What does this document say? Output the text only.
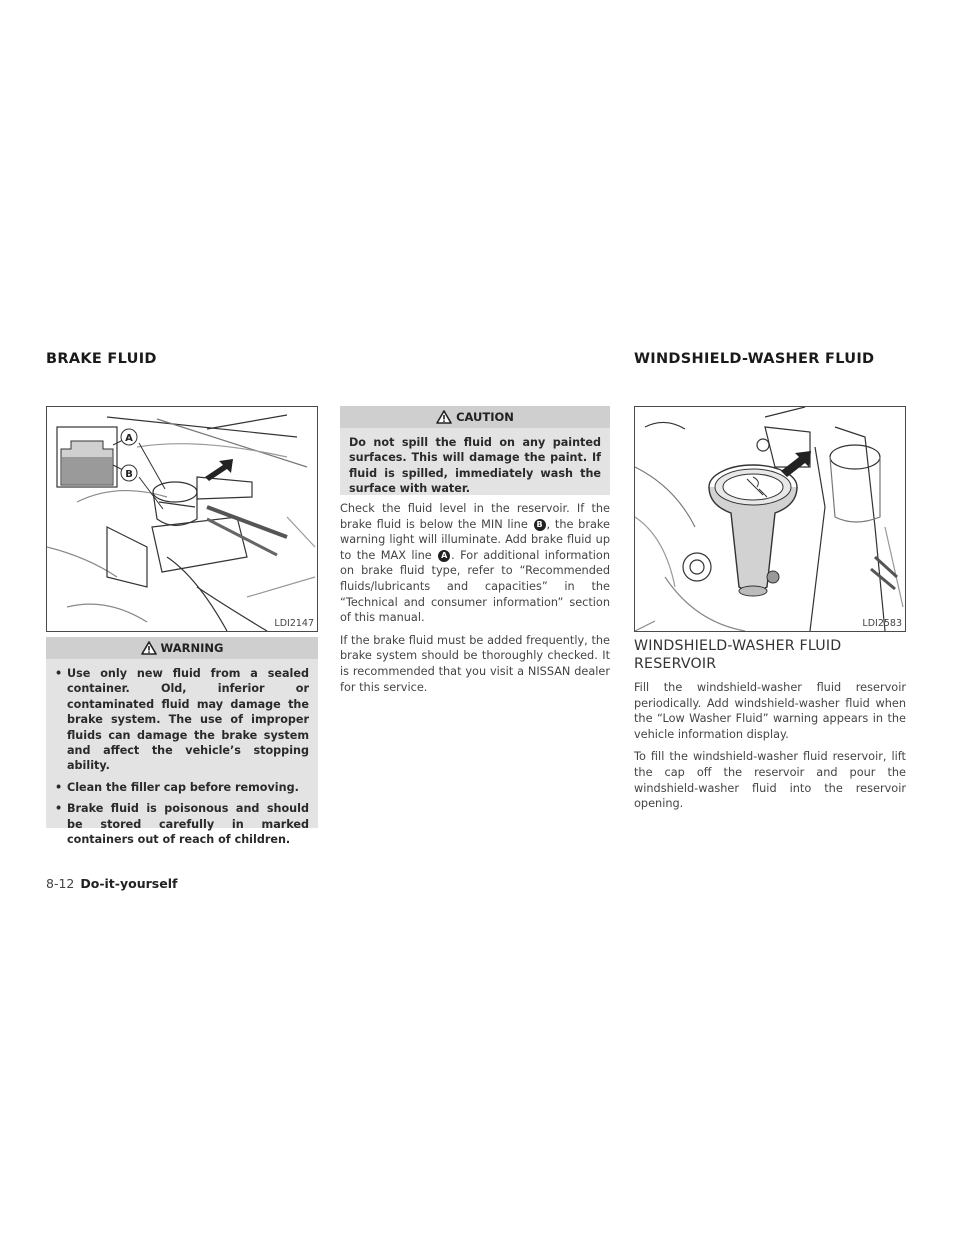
BRAKE FLUID	WINDSHIELD-WASHER FLUID
A
B
LDI2147
WARNING
• Use only new fluid from a sealed container. Old, inferior or contaminated fluid may damage the brake system. The use of improper fluids can damage the brake system and affect the vehicle’s stopping ability.
• Clean the filler cap before removing.
• Brake fluid is poisonous and should be stored carefully in marked containers out of reach of children.
CAUTION

Do not spill the fluid on any painted surfaces. This will damage the paint. If fluid is spilled, immediately wash the surface with water.

Check the fluid level in the reservoir. If the brake fluid is below the MIN line B , the brake warning light will illuminate. Add brake fluid up to the MAX line A . For additional information on brake fluid type, refer to “Recommended fluids/lubricants and capacities” in the “Technical and consumer information” section of this manual.

If the brake fluid must be added frequently, the brake system should be thoroughly checked. It is recommended that you visit a NISSAN dealer for this service.

LDI2583
WINDSHIELD-WASHER FLUID RESERVOIR

Fill the windshield-washer fluid reservoir periodically. Add windshield-washer fluid when the “Low Washer Fluid” warning appears in the vehicle information display.

To fill the windshield-washer fluid reservoir, lift the cap off the reservoir and pour the windshield-washer fluid into the reservoir opening.

8-12 Do-it-yourself
